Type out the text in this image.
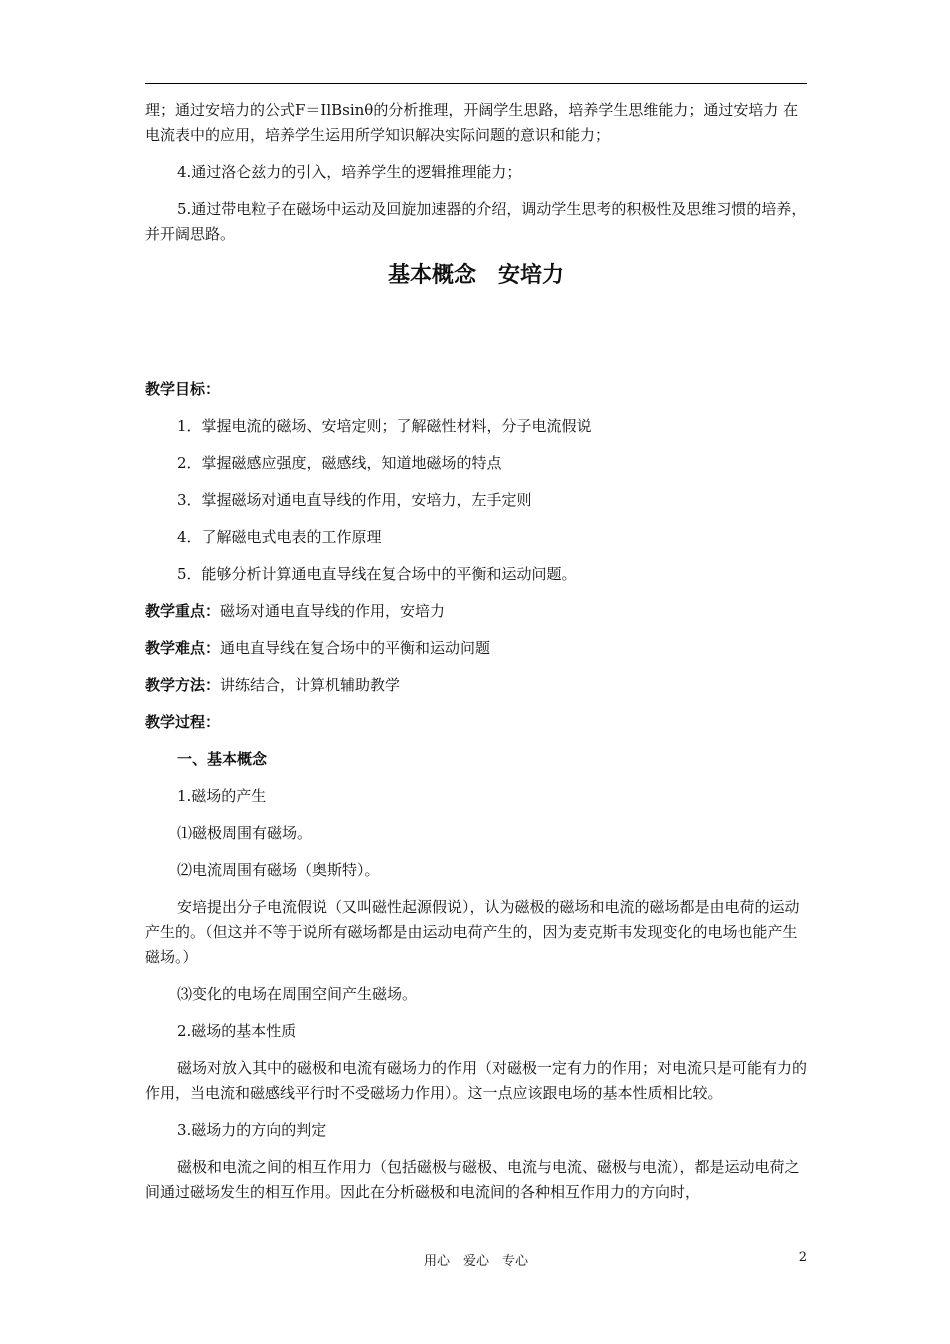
理；通过安培力的公式F＝IlBsinθ的分析推理，开阔学生思路，培养学生思维能力；通过安培力 在电流表中的应用，培养学生运用所学知识解决实际问题的意识和能力；

4.通过洛仑兹力的引入，培养学生的逻辑推理能力；

5.通过带电粒子在磁场中运动及回旋加速器的介绍，调动学生思考的积极性及思维习惯的培养，并开阔思路。

基本概念　安培力

教学目标：

1．掌握电流的磁场、安培定则；了解磁性材料，分子电流假说

2．掌握磁感应强度，磁感线，知道地磁场的特点

3．掌握磁场对通电直导线的作用，安培力，左手定则

4．了解磁电式电表的工作原理

5．能够分析计算通电直导线在复合场中的平衡和运动问题。

教学重点：磁场对通电直导线的作用，安培力

教学难点：通电直导线在复合场中的平衡和运动问题

教学方法：讲练结合，计算机辅助教学

教学过程：

一、基本概念

1.磁场的产生

⑴磁极周围有磁场。

⑵电流周围有磁场（奥斯特）。

安培提出分子电流假说（又叫磁性起源假说），认为磁极的磁场和电流的磁场都是由电荷的运动产生的。（但这并不等于说所有磁场都是由运动电荷产生的，因为麦克斯韦发现变化的电场也能产生磁场。）

⑶变化的电场在周围空间产生磁场。

2.磁场的基本性质

磁场对放入其中的磁极和电流有磁场力的作用（对磁极一定有力的作用；对电流只是可能有力的作用，当电流和磁感线平行时不受磁场力作用）。这一点应该跟电场的基本性质相比较。

3.磁场力的方向的判定

磁极和电流之间的相互作用力（包括磁极与磁极、电流与电流、磁极与电流），都是运动电荷之间通过磁场发生的相互作用。因此在分析磁极和电流间的各种相互作用力的方向时，

用心　爱心　专心	2
